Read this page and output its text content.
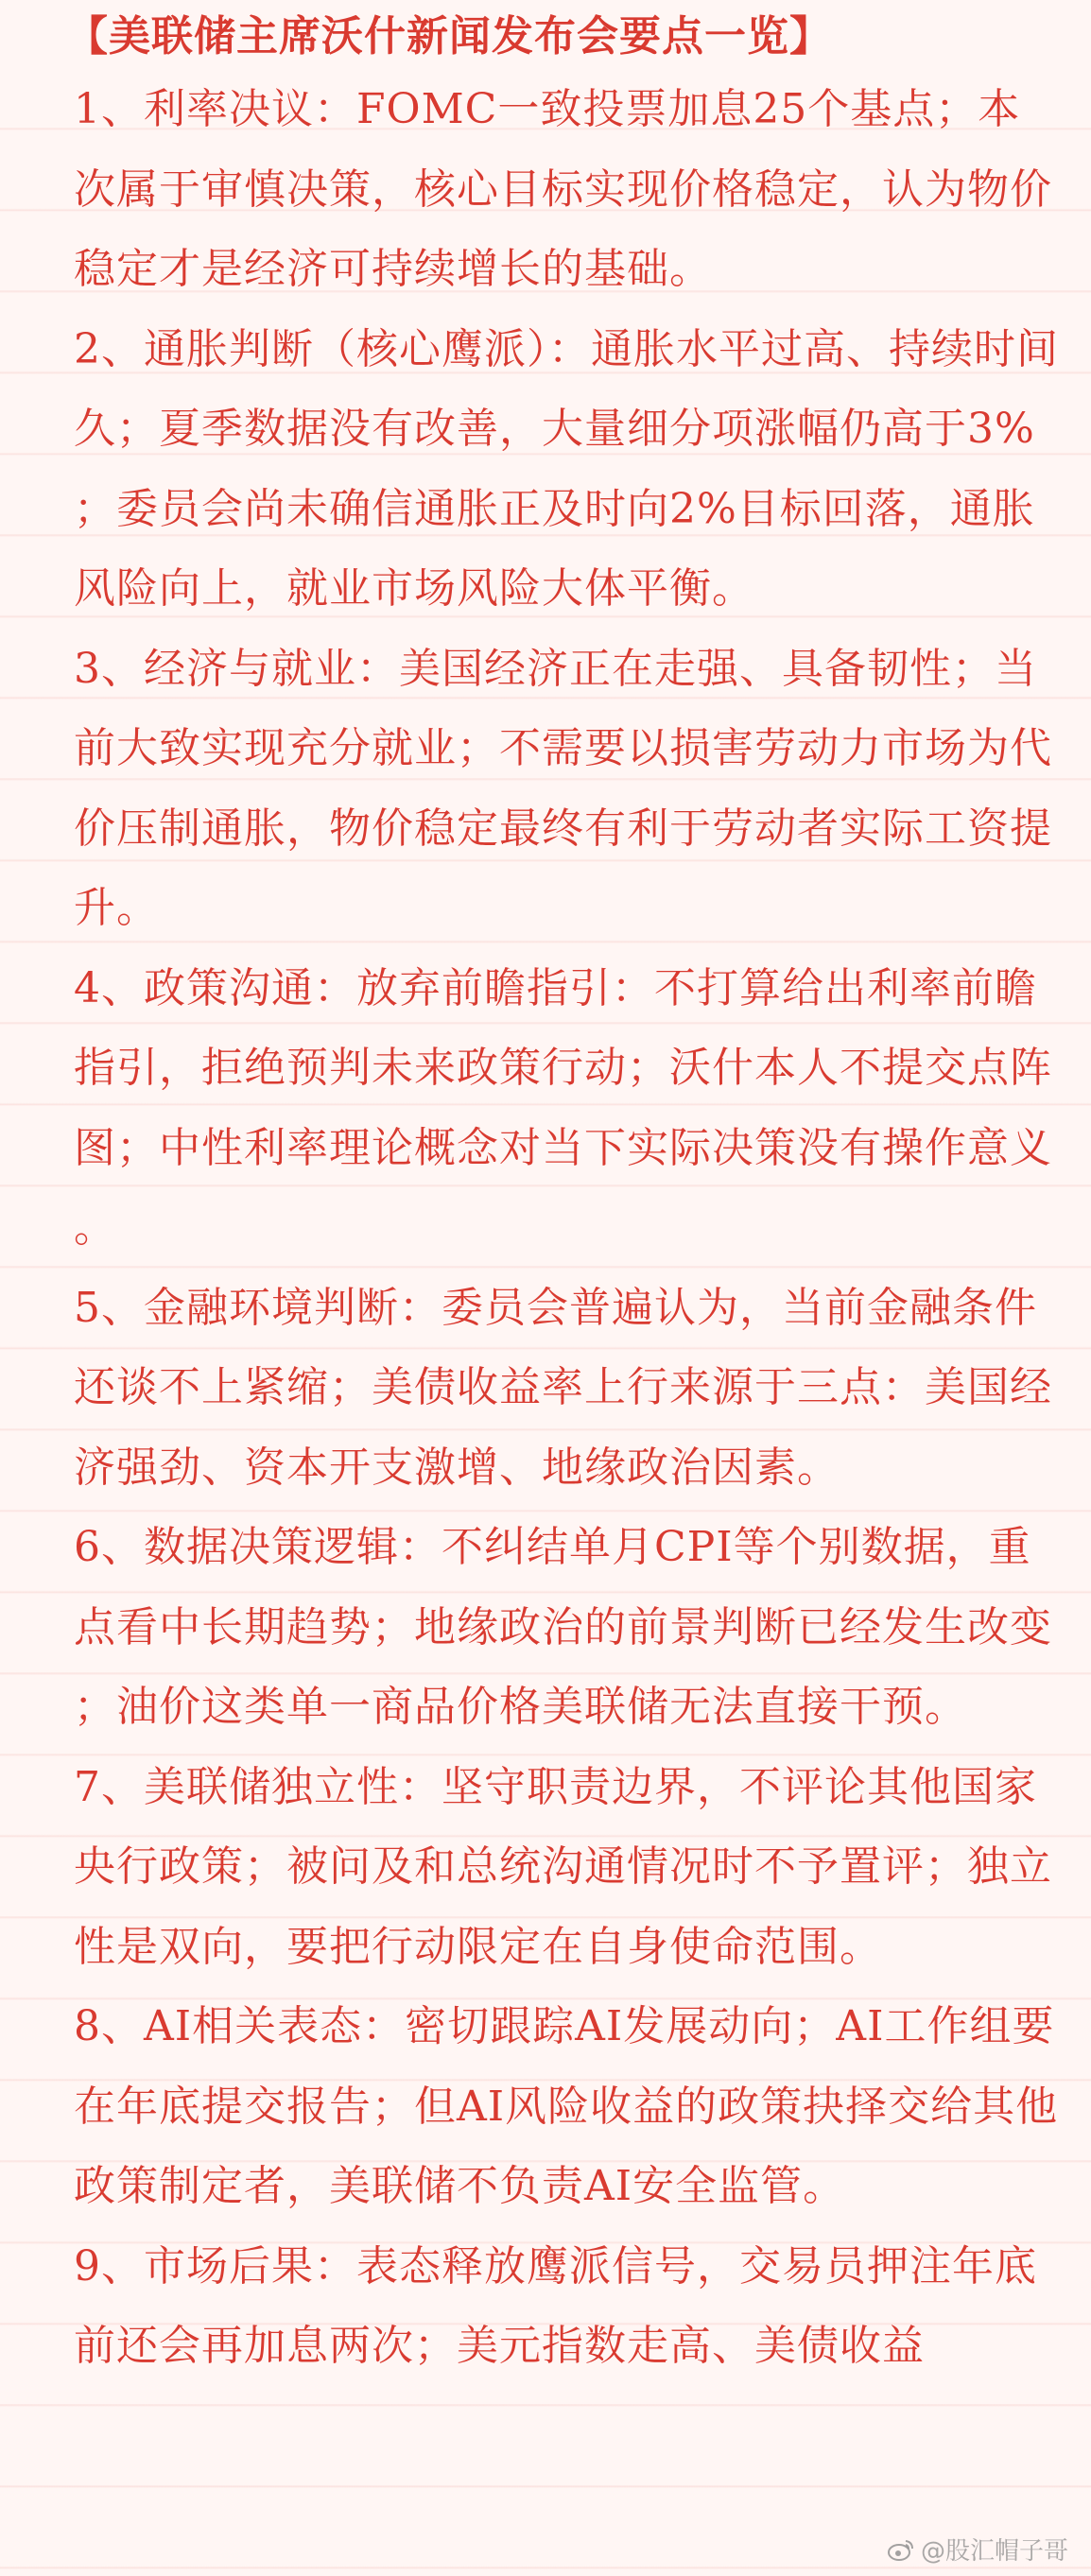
【美联储主席沃什新闻发布会要点一览】

1、利率决议：FOMC一致投票加息25个基点；本次属于审慎决策，核心目标实现价格稳定，认为物价稳定才是经济可持续增长的基础。

2、通胀判断（核心鹰派）：通胀水平过高、持续时间久；夏季数据没有改善，大量细分项涨幅仍高于3%；委员会尚未确信通胀正及时向2%目标回落，通胀风险向上，就业市场风险大体平衡。

3、经济与就业：美国经济正在走强、具备韧性；当前大致实现充分就业；不需要以损害劳动力市场为代价压制通胀，物价稳定最终有利于劳动者实际工资提升。

4、政策沟通：放弃前瞻指引：不打算给出利率前瞻指引，拒绝预判未来政策行动；沃什本人不提交点阵图；中性利率理论概念对当下实际决策没有操作意义。

5、金融环境判断：委员会普遍认为，当前金融条件还谈不上紧缩；美债收益率上行来源于三点：美国经济强劲、资本开支激增、地缘政治因素。

6、数据决策逻辑：不纠结单月CPI等个别数据，重点看中长期趋势；地缘政治的前景判断已经发生改变；油价这类单一商品价格美联储无法直接干预。

7、美联储独立性：坚守职责边界，不评论其他国家央行政策；被问及和总统沟通情况时不予置评；独立性是双向，要把行动限定在自身使命范围。

8、AI相关表态：密切跟踪AI发展动向；AI工作组要在年底提交报告；但AI风险收益的政策抉择交给其他政策制定者，美联储不负责AI安全监管。

9、市场后果：表态释放鹰派信号，交易员押注年底前还会再加息两次；美元指数走高、美债收益

@股汇帽子哥
